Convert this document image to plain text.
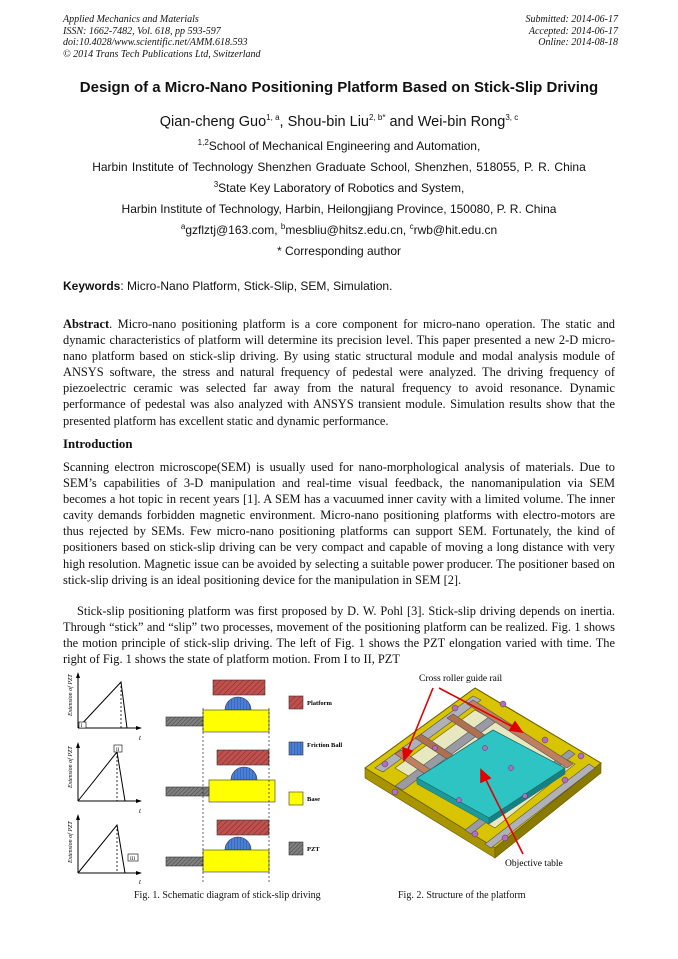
Applied Mechanics and Materials
ISSN: 1662-7482, Vol. 618, pp 593-597
doi:10.4028/www.scientific.net/AMM.618.593
© 2014 Trans Tech Publications Ltd, Switzerland
Submitted: 2014-06-17
Accepted: 2014-06-17
Online: 2014-08-18
Design of a Micro-Nano Positioning Platform Based on Stick-Slip Driving
Qian-cheng Guo$^{1, a}$, Shou-bin Liu$^{2, b*}$ and Wei-bin Rong$^{3, c}$
$^{1,2}$School of Mechanical Engineering and Automation,
Harbin Institute of Technology Shenzhen Graduate School, Shenzhen, 518055, P. R. China
$^3$State Key Laboratory of Robotics and System,
Harbin Institute of Technology, Harbin, Heilongjiang Province, 150080, P. R. China
$^a$gzflztj@163.com, $^b$mesbliu@hitsz.edu.cn, $^c$rwb@hit.edu.cn
* Corresponding author
Keywords: Micro-Nano Platform, Stick-Slip, SEM, Simulation.

Abstract. Micro-nano positioning platform is a core component for micro-nano operation. The static and dynamic characteristics of platform will determine its precision level. This paper presented a new 2-D micro-nano platform based on stick-slip driving. By using static structural module and modal analysis module of ANSYS software, the stress and natural frequency of pedestal were analyzed. The driving frequency of piezoelectric ceramic was selected far away from the natural frequency to avoid resonance. Dynamic performance of pedestal was also analyzed with ANSYS transient module. Simulation results show that the presented platform has excellent static and dynamic performance.

Introduction

Scanning electron microscope(SEM) is usually used for nano-morphological analysis of materials. Due to SEM’s capabilities of 3-D manipulation and real-time visual feedback, the nanomanipulation via SEM becomes a hot topic in recent years [1]. A SEM has a vacuumed inner cavity with a limited volume. The inner cavity demands forbidden magnetic environment. Micro-nano positioning platforms with electro-motors are thus rejected by SEMs. Few micro-nano positioning platforms can support SEM. Fortunately, the kind of positioners based on stick-slip driving can be very compact and capable of moving a long distance with very high resolution. Magnetic issue can be avoided by selecting a suitable power producer. The positioner based on stick-slip driving is an ideal positioning device for the manipulation in SEM [2].

Stick-slip positioning platform was first proposed by D. W. Pohl [3]. Stick-slip driving depends on inertia. Through “stick” and “slip” two processes, movement of the positioning platform can be realized. Fig. 1 shows the motion principle of stick-slip driving. The left of Fig. 1 shows the PZT elongation varied with time. The right of Fig. 1 shows the state of platform motion. From I to II, PZT

Extension of PZT
Extension of PZT
Extension of PZT
t
t
t
I
II
III
Platform
Friction Ball
Base
PZT
Cross roller guide rail
Objective table
Fig. 1. Schematic diagram of stick-slip driving	Fig. 2. Structure of the platform
